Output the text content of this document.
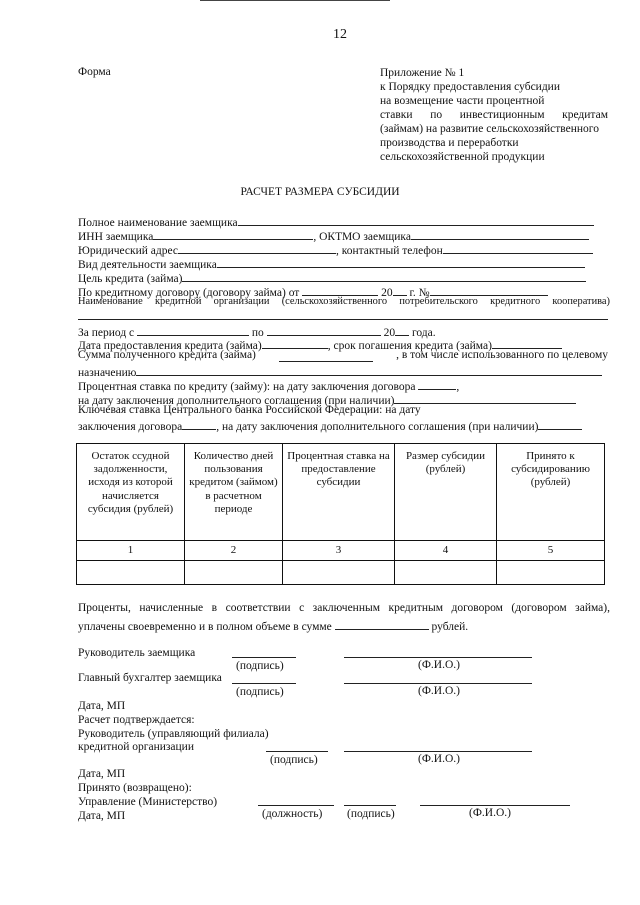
12
Форма	Приложение № 1
к Порядку предоставления субсидии
на возмещение части процентной
ставки по инвестиционным кредитам
(займам) на развитие сельскохозяйственного
производства и переработки
сельскохозяйственной продукции
РАСЧЕТ РАЗМЕРА СУБСИДИИ
Полное наименование заемщика
ИНН заемщика	, ОКТМО заемщика
Юридический адрес	, контактный телефон
Вид деятельности заемщика
Цель кредита (займа)
По кредитному договору (договору займа) от	20 г. №
Наименование кредитной организации (сельскохозяйственного потребительского кредитного кооператива)
За период с	по	20 года.
Дата предоставления кредита (займа)	, срок погашения кредита (займа)
Сумма полученного кредита (займа)	, в том числе использованного по целевому
назначению
Процентная ставка по кредиту (займу): на дату заключения договора	,
на дату заключения дополнительного соглашения (при наличии)
Ключевая ставка Центрального банка Российской Федерации: на дату
заключения договора	, на дату заключения дополнительного соглашения (при наличии)
Остаток ссудной задолженности, исходя из которой начисляется субсидия (рублей)	Количество дней пользования кредитом (займом) в расчетном периоде	Процентная ставка на предоставление субсидии	Размер субсидии (рублей)	Принято к субсидированию (рублей)
1	2	3	4	5

Проценты, начисленные в соответствии с заключенным кредитным договором (договором займа),
уплачены своевременно и в полном объеме в сумме	рублей.
Руководитель заемщика
(подпись)	(Ф.И.О.)
Главный бухгалтер заемщика
(подпись)	(Ф.И.О.)
Дата, МП
Расчет подтверждается:
Руководитель (управляющий филиала)
кредитной организации
(подпись)	(Ф.И.О.)
Дата, МП
Принято (возвращено):
Управление (Министерство)
Дата, МП	(должность) (подпись)	(Ф.И.О.)
